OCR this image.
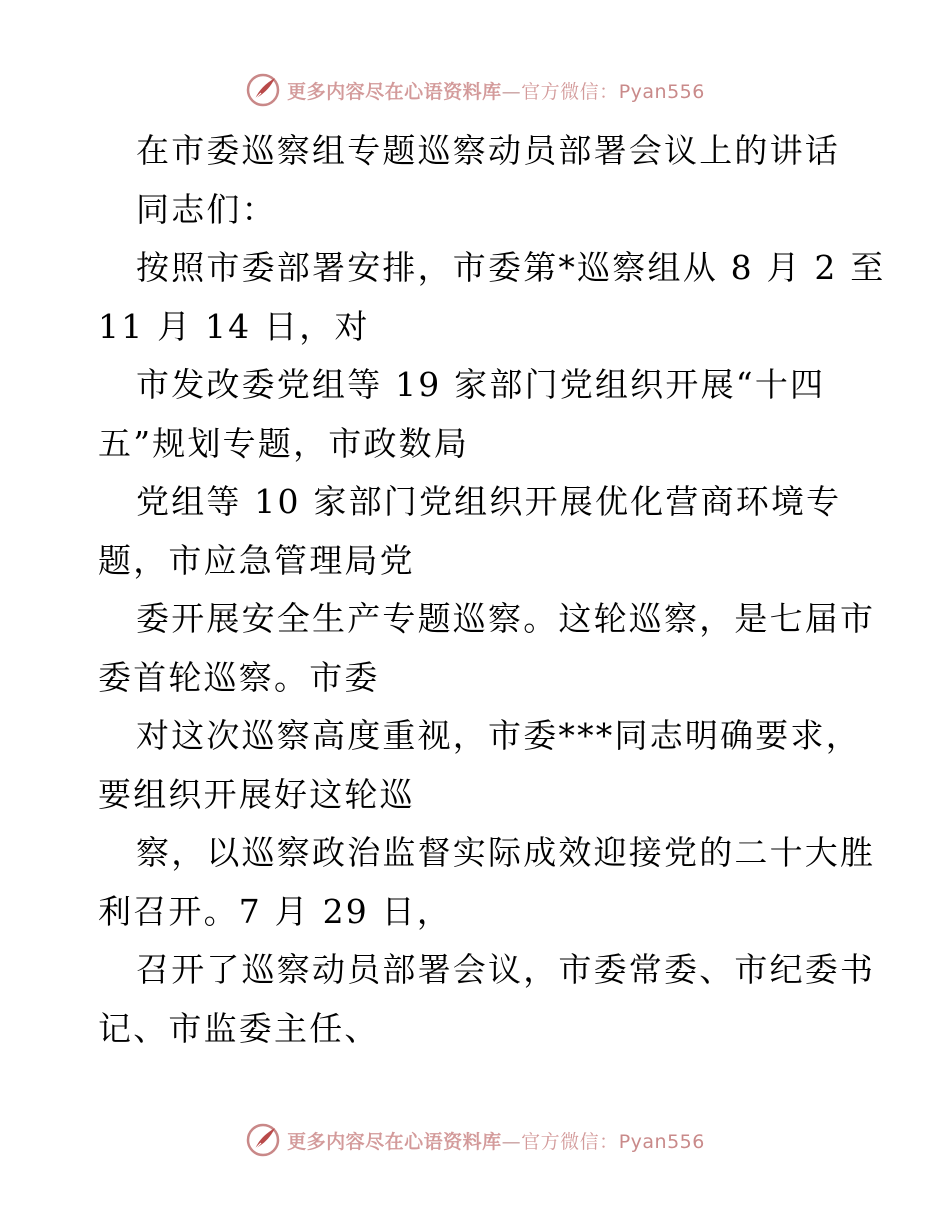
更多内容尽在心语资料库—官方微信：Pyan556
在市委巡察组专题巡察动员部署会议上的讲话
同志们：
按照市委部署安排，市委第*巡察组从 8 月 2 至
11 月 14 日，对
市发改委党组等 19 家部门党组织开展“十四
五”规划专题，市政数局
党组等 10 家部门党组织开展优化营商环境专
题，市应急管理局党
委开展安全生产专题巡察。这轮巡察，是七届市
委首轮巡察。市委
对这次巡察高度重视，市委***同志明确要求，
要组织开展好这轮巡
察，以巡察政治监督实际成效迎接党的二十大胜
利召开。7 月 29 日，
召开了巡察动员部署会议，市委常委、市纪委书
记、市监委主任、
更多内容尽在心语资料库—官方微信：Pyan556
